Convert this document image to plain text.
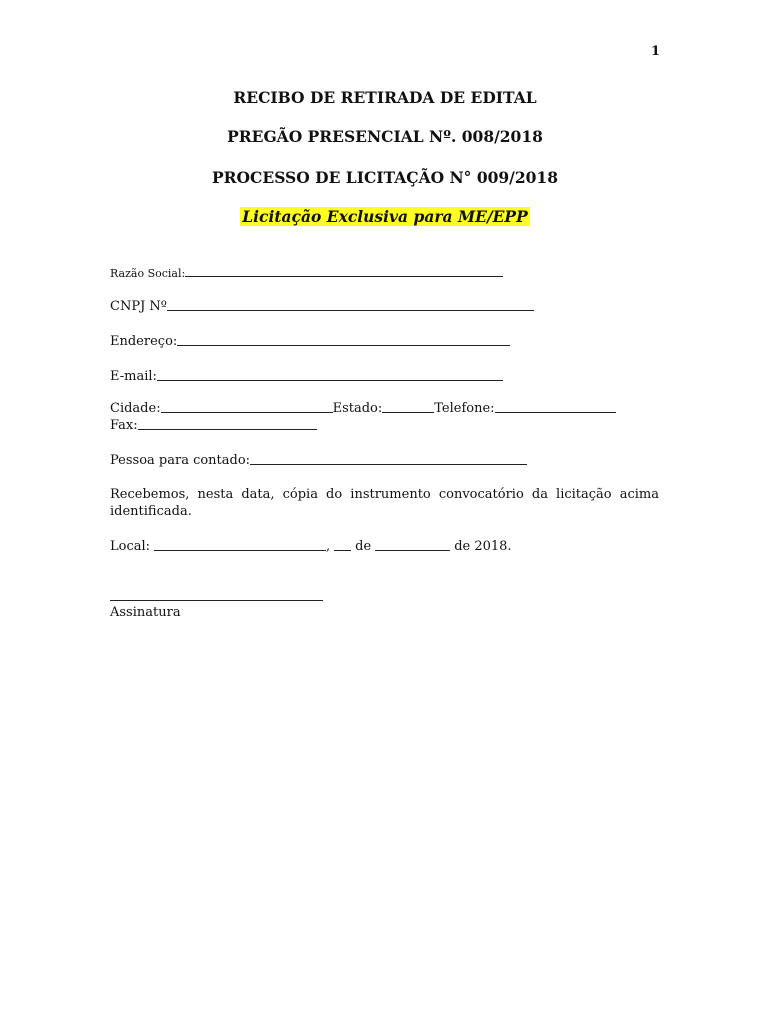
1
RECIBO DE RETIRADA DE EDITAL
PREGÃO PRESENCIAL Nº. 008/2018
PROCESSO DE LICITAÇÃO N° 009/2018
Licitação Exclusiva para ME/EPP
Razão Social:
CNPJ Nº
Endereço:
E-mail:
Cidade:	Estado:	Telefone:
Fax:
Pessoa para contado:
Recebemos, nesta data, cópia do instrumento convocatório da licitação acima identificada.
Local:	, de	de 2018.
Assinatura
